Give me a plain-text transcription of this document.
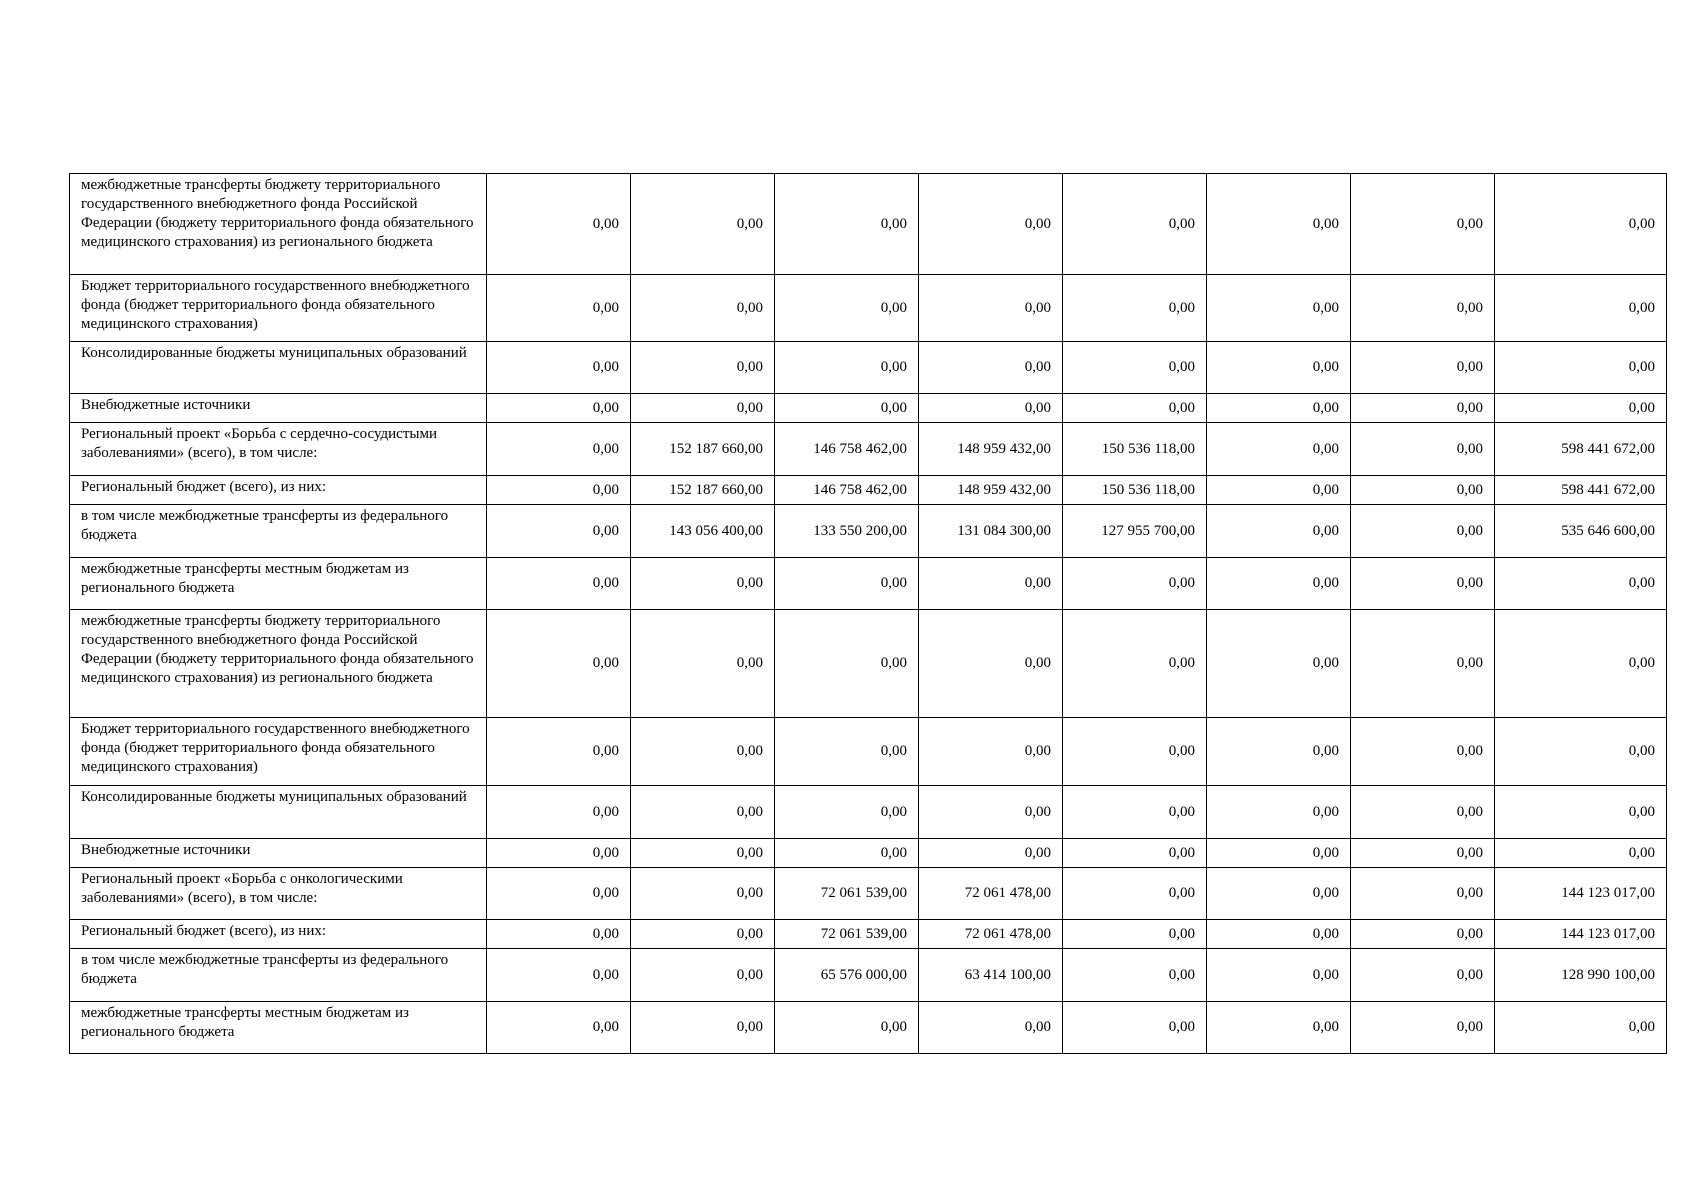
межбюджетные трансферты бюджету территориального государственного внебюджетного фонда Российской Федерации (бюджету территориального фонда обязательного медицинского страхования) из регионального бюджета	0,00	0,00	0,00	0,00	0,00	0,00	0,00	0,00
Бюджет территориального государственного внебюджетного фонда (бюджет территориального фонда обязательного медицинского страхования)	0,00	0,00	0,00	0,00	0,00	0,00	0,00	0,00
Консолидированные бюджеты муниципальных образований	0,00	0,00	0,00	0,00	0,00	0,00	0,00	0,00
Внебюджетные источники	0,00	0,00	0,00	0,00	0,00	0,00	0,00	0,00
Региональный проект «Борьба с сердечно-сосудистыми заболеваниями» (всего), в том числе:	0,00	152 187 660,00	146 758 462,00	148 959 432,00	150 536 118,00	0,00	0,00	598 441 672,00
Региональный бюджет (всего), из них:	0,00	152 187 660,00	146 758 462,00	148 959 432,00	150 536 118,00	0,00	0,00	598 441 672,00
в том числе межбюджетные трансферты из федерального бюджета	0,00	143 056 400,00	133 550 200,00	131 084 300,00	127 955 700,00	0,00	0,00	535 646 600,00
межбюджетные трансферты местным бюджетам из регионального бюджета	0,00	0,00	0,00	0,00	0,00	0,00	0,00	0,00
межбюджетные трансферты бюджету территориального государственного внебюджетного фонда Российской Федерации (бюджету территориального фонда обязательного медицинского страхования) из регионального бюджета	0,00	0,00	0,00	0,00	0,00	0,00	0,00	0,00
Бюджет территориального государственного внебюджетного фонда (бюджет территориального фонда обязательного медицинского страхования)	0,00	0,00	0,00	0,00	0,00	0,00	0,00	0,00
Консолидированные бюджеты муниципальных образований	0,00	0,00	0,00	0,00	0,00	0,00	0,00	0,00
Внебюджетные источники	0,00	0,00	0,00	0,00	0,00	0,00	0,00	0,00
Региональный проект «Борьба с онкологическими заболеваниями» (всего), в том числе:	0,00	0,00	72 061 539,00	72 061 478,00	0,00	0,00	0,00	144 123 017,00
Региональный бюджет (всего), из них:	0,00	0,00	72 061 539,00	72 061 478,00	0,00	0,00	0,00	144 123 017,00
в том числе межбюджетные трансферты из федерального бюджета	0,00	0,00	65 576 000,00	63 414 100,00	0,00	0,00	0,00	128 990 100,00
межбюджетные трансферты местным бюджетам из регионального бюджета	0,00	0,00	0,00	0,00	0,00	0,00	0,00	0,00
